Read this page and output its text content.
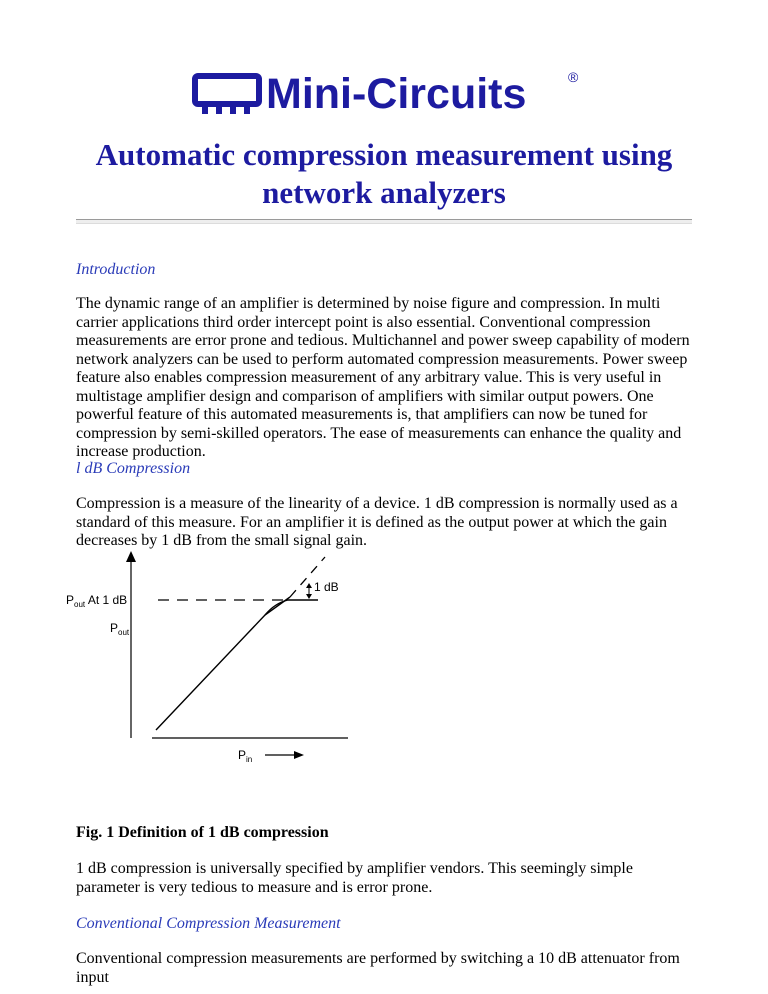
Mini-Circuits	®
Automatic compression measurement using network analyzers
Introduction

The dynamic range of an amplifier is determined by noise figure and compression. In multi carrier applications third order intercept point is also essential. Conventional compression measurements are error prone and tedious. Multichannel and power sweep capability of modern network analyzers can be used to perform automated compression measurements. Power sweep feature also enables compression measurement of any arbitrary value. This is very useful in multistage amplifier design and comparison of amplifiers with similar output powers. One powerful feature of this automated measurements is, that amplifiers can now be tuned for compression by semi-skilled operators. The ease of measurements can enhance the quality and increase production.

l dB Compression

Compression is a measure of the linearity of a device. 1 dB compression is normally used as a standard of this measure. For an amplifier it is defined as the output power at which the gain decreases by 1 dB from the small signal gain.

1 dB
$P_{out}$ At 1 dB
$P_{out}$
$P_{in}$

Fig. 1 Definition of 1 dB compression

1 dB compression is universally specified by amplifier vendors. This seemingly simple parameter is very tedious to measure and is error prone.

Conventional Compression Measurement

Conventional compression measurements are performed by switching a 10 dB attenuator from input
